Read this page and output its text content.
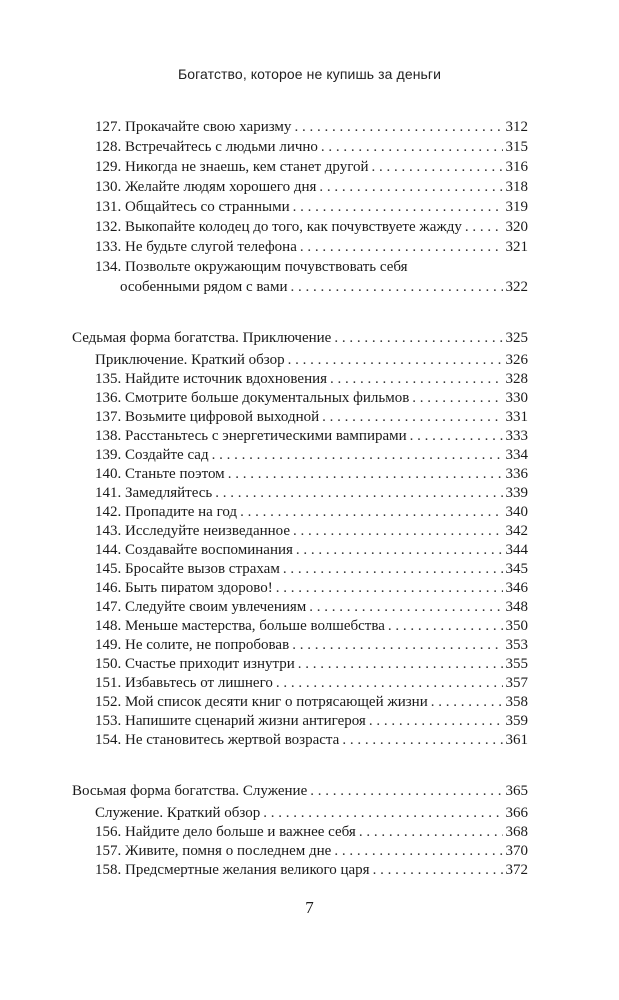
Богатство, которое не купишь за деньги
127. Прокачайте свою харизму . . .	312
128. Встречайтесь с людьми лично . . .	315
129. Никогда не знаешь, кем станет другой . . .	316
130. Желайте людям хорошего дня . . .	318
131. Общайтесь со странными . . .	319
132. Выкопайте колодец до того, как почувствуете жажду . . .	320
133. Не будьте слугой телефона . . .	321
134. Позвольте окружающим почувствовать себя
особенными рядом с вами . . .	322
Седьмая форма богатства. Приключение . . .	325
Приключение. Краткий обзор . . .	326
135. Найдите источник вдохновения . . .	328
136. Смотрите больше документальных фильмов . . .	330
137. Возьмите цифровой выходной . . .	331
138. Расстаньтесь с энергетическими вампирами . . .	333
139. Создайте сад . . .	334
140. Станьте поэтом . . .	336
141. Замедляйтесь . . .	339
142. Пропадите на год . . .	340
143. Исследуйте неизведанное . . .	342
144. Создавайте воспоминания . . .	344
145. Бросайте вызов страхам . . .	345
146. Быть пиратом здорово! . . .	346
147. Следуйте своим увлечениям . . .	348
148. Меньше мастерства, больше волшебства . . .	350
149. Не солите, не попробовав . . .	353
150. Счастье приходит изнутри . . .	355
151. Избавьтесь от лишнего . . .	357
152. Мой список десяти книг о потрясающей жизни . . .	358
153. Напишите сценарий жизни антигероя . . .	359
154. Не становитесь жертвой возраста . . .	361
Восьмая форма богатства. Служение . . .	365
Служение. Краткий обзор . . .	366
156. Найдите дело больше и важнее себя . . .	368
157. Живите, помня о последнем дне . . .	370
158. Предсмертные желания великого царя . . .	372
7
